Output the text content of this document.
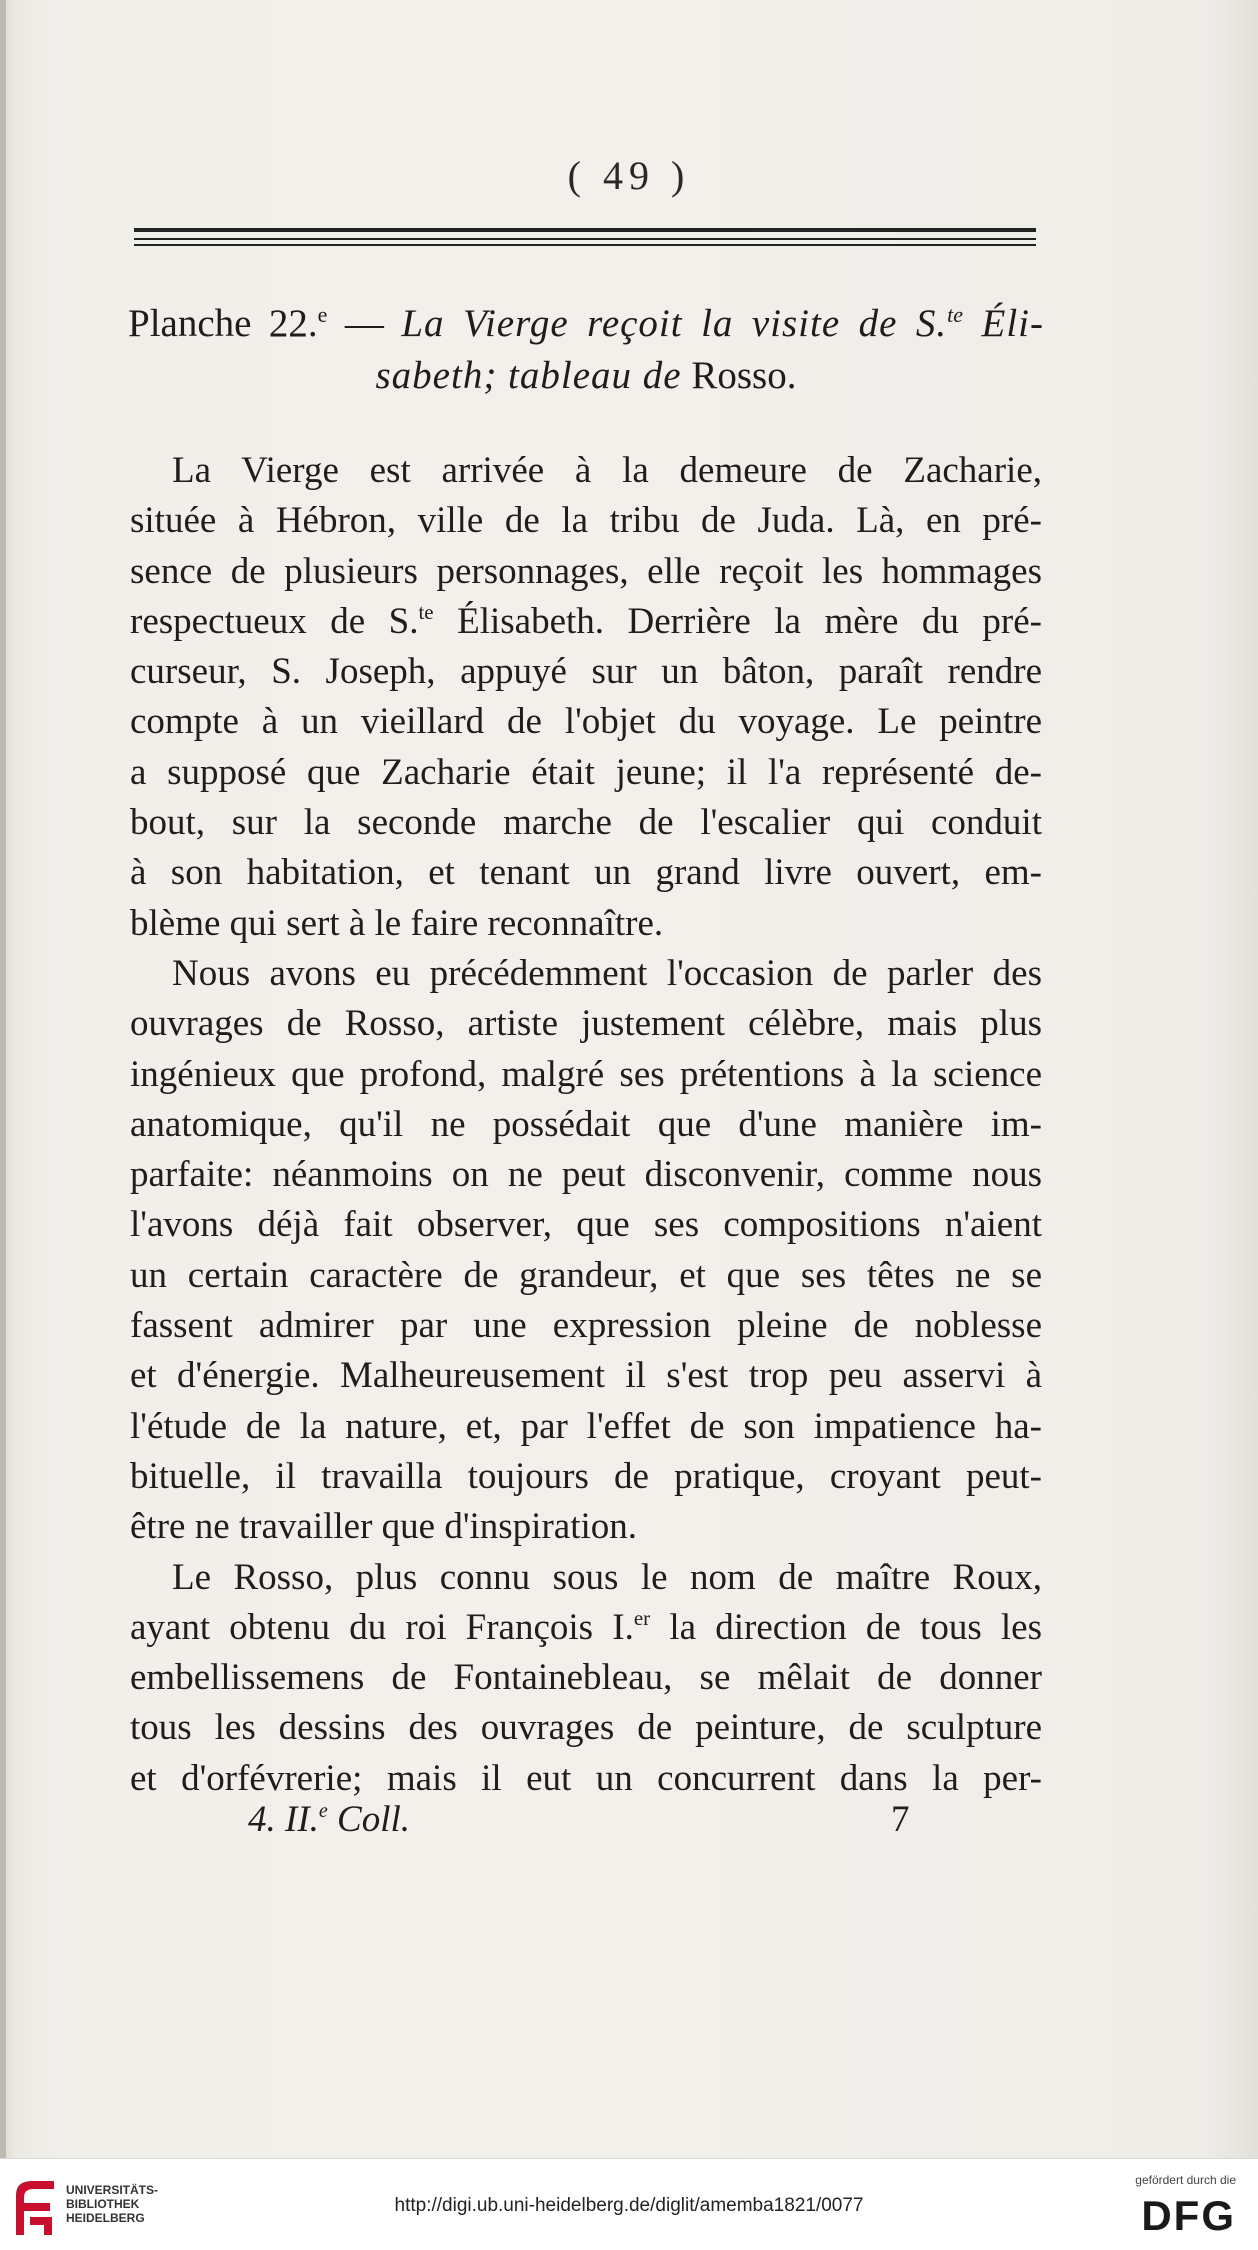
( 49 )
Planche 22.$^e$ — La Vierge reçoit la visite de S.$^{te}$ Éli-
sabeth; tableau de Rosso.
La Vierge est arrivée à la demeure de Zacharie,
située à Hébron, ville de la tribu de Juda. Là, en pré-
sence de plusieurs personnages, elle reçoit les hommages
respectueux de S.$^{te}$ Élisabeth. Derrière la mère du pré-
curseur, S. Joseph, appuyé sur un bâton, paraît rendre
compte à un vieillard de l'objet du voyage. Le peintre
a supposé que Zacharie était jeune; il l'a représenté de-
bout, sur la seconde marche de l'escalier qui conduit
à son habitation, et tenant un grand livre ouvert, em-
blème qui sert à le faire reconnaître.
Nous avons eu précédemment l'occasion de parler des
ouvrages de Rosso, artiste justement célèbre, mais plus
ingénieux que profond, malgré ses prétentions à la science
anatomique, qu'il ne possédait que d'une manière im-
parfaite: néanmoins on ne peut disconvenir, comme nous
l'avons déjà fait observer, que ses compositions n'aient
un certain caractère de grandeur, et que ses têtes ne se
fassent admirer par une expression pleine de noblesse
et d'énergie. Malheureusement il s'est trop peu asservi à
l'étude de la nature, et, par l'effet de son impatience ha-
bituelle, il travailla toujours de pratique, croyant peut-
être ne travailler que d'inspiration.
Le Rosso, plus connu sous le nom de maître Roux,
ayant obtenu du roi François I.$^{er}$ la direction de tous les
embellissemens de Fontainebleau, se mêlait de donner
tous les dessins des ouvrages de peinture, de sculpture
et d'orfévrerie; mais il eut un concurrent dans la per-
4. II.$^e$ Coll.	7
UNIVERSITÄTS-
BIBLIOTHEK
HEIDELBERG
http://digi.ub.uni-heidelberg.de/diglit/amemba1821/0077
gefördert durch die
DFG
